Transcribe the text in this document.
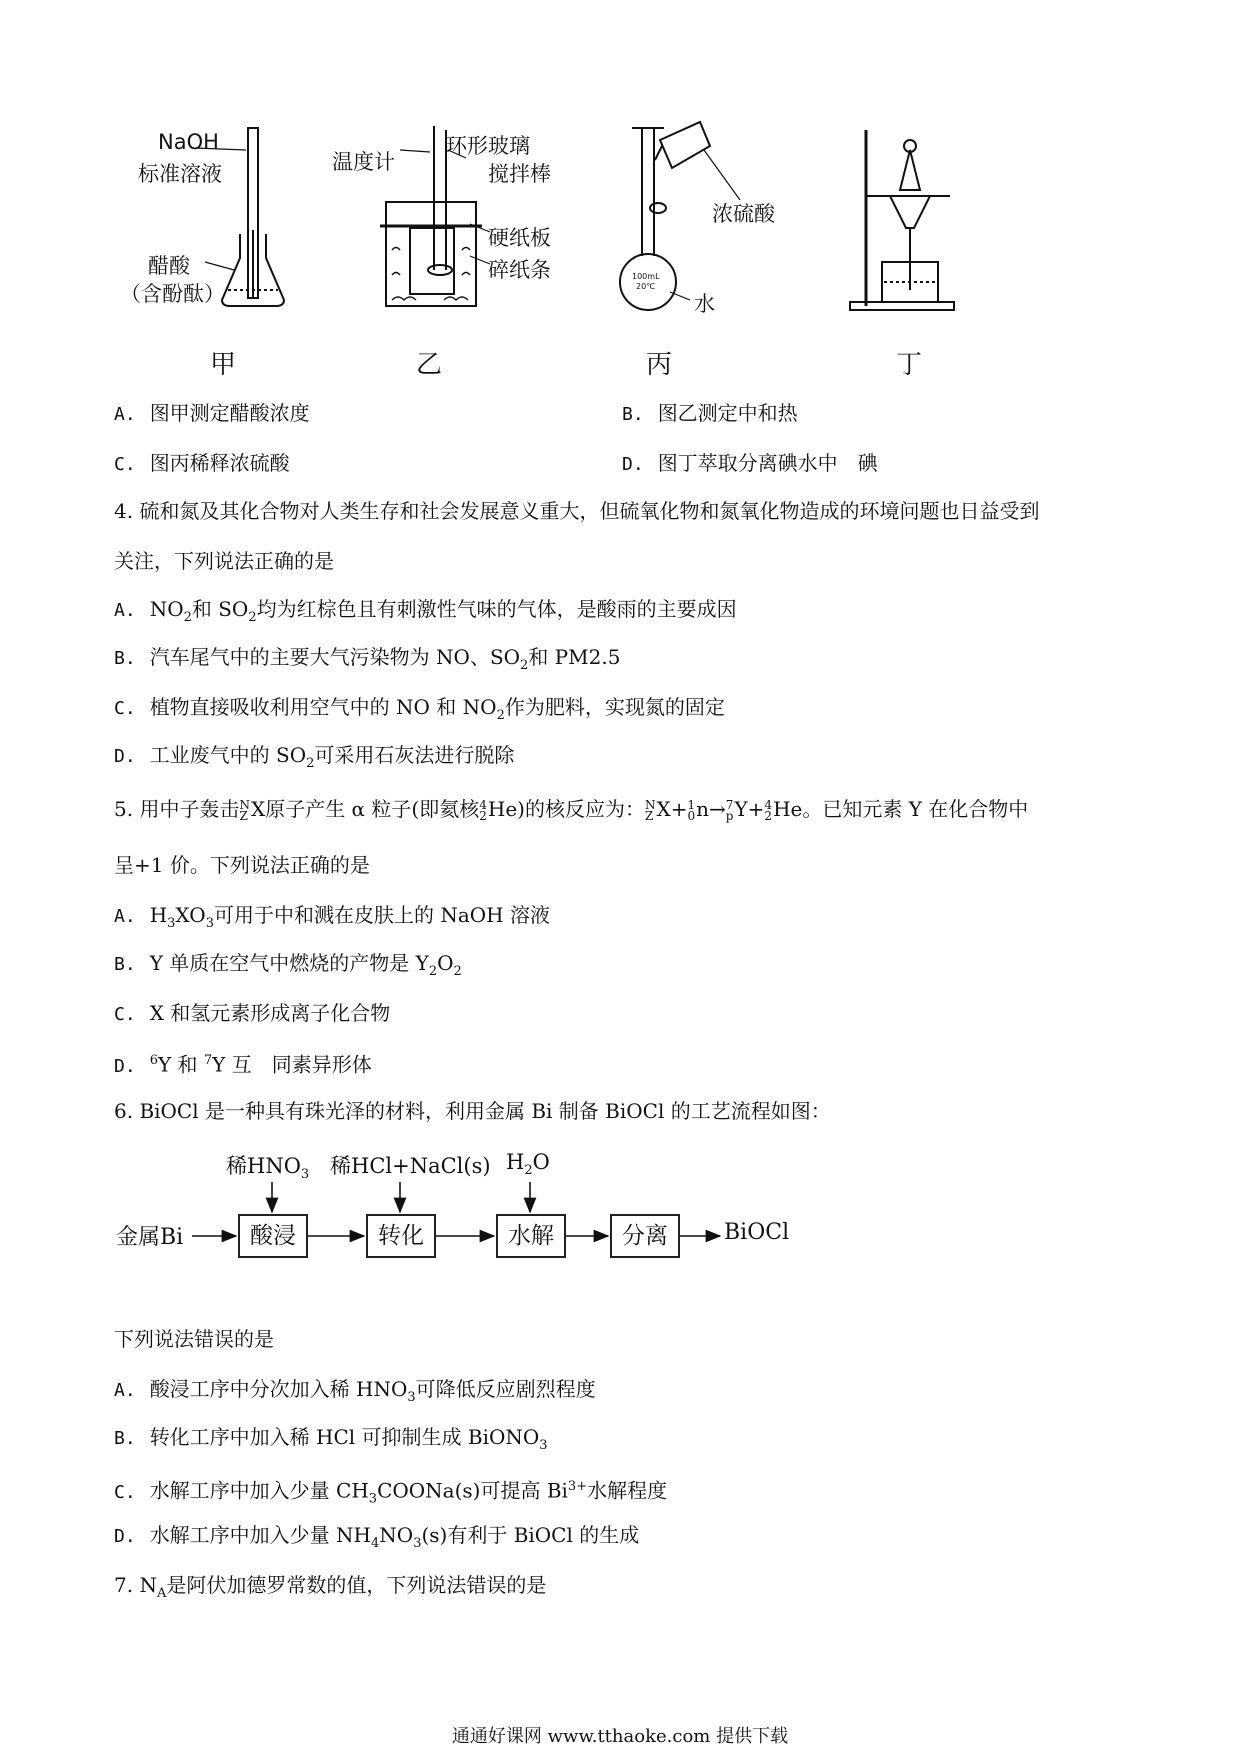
NaOH
标准溶液
醋酸
（含酚酞）
甲
温度计
环形玻璃
搅拌棒
硬纸板
碎纸条
乙
浓硫酸
水
100mL
20℃
丙	丁
A. 图甲测定醋酸浓度	B. 图乙测定中和热
C. 图丙稀释浓硫酸	D. 图丁萃取分离碘水中　碘
4. 硫和氮及其化合物对人类生存和社会发展意义重大，但硫氧化物和氮氧化物造成的环境问题也日益受到
关注，下列说法正确的是
A. $NO_2$和 $SO_2$均为红棕色且有刺激性气味的气体，是酸雨的主要成因
B. 汽车尾气中的主要大气污染物为 NO、$SO_2$和 PM2.5
C. 植物直接吸收利用空气中的 NO 和 $NO_2$作为肥料，实现氮的固定
D. 工业废气中的 $SO_2$可采用石灰法进行脱除
5. 用中子轰击 N
Z X原子产生 α 粒子(即氦核 4
2 He)的核反应为： N
Z X+ 1
0 n→ 7
p Y+ 4
2 He。已知元素 Y 在化合物中
呈+1 价。下列说法正确的是
A. $H_3XO_3$可用于中和溅在皮肤上的 NaOH 溶液
B. Y 单质在空气中燃烧的产物是 $Y_2O_2$
C. X 和氢元素形成离子化合物
D. $^6$Y 和 $^7$Y 互　同素异形体
6. BiOCl 是一种具有珠光泽的材料，利用金属 Bi 制备 BiOCl 的工艺流程如图：
稀$HNO_3$ 稀HCl+NaCl(s) $H_2O$
金属Bi	BiOCl
酸浸	转化	水解	分离
下列说法错误的是
A. 酸浸工序中分次加入稀 $HNO_3$可降低反应剧烈程度
B. 转化工序中加入稀 HCl 可抑制生成 BiONO$_3$
C. 水解工序中加入少量 $CH_3COONa(s)$可提高 $Bi^{3+}$水解程度
D. 水解工序中加入少量 $NH_4NO_3(s)$有利于 BiOCl 的生成
7. $N_A$是阿伏加德罗常数的值，下列说法错误的是
通通好课网 www.tthaoke.com 提供下载
